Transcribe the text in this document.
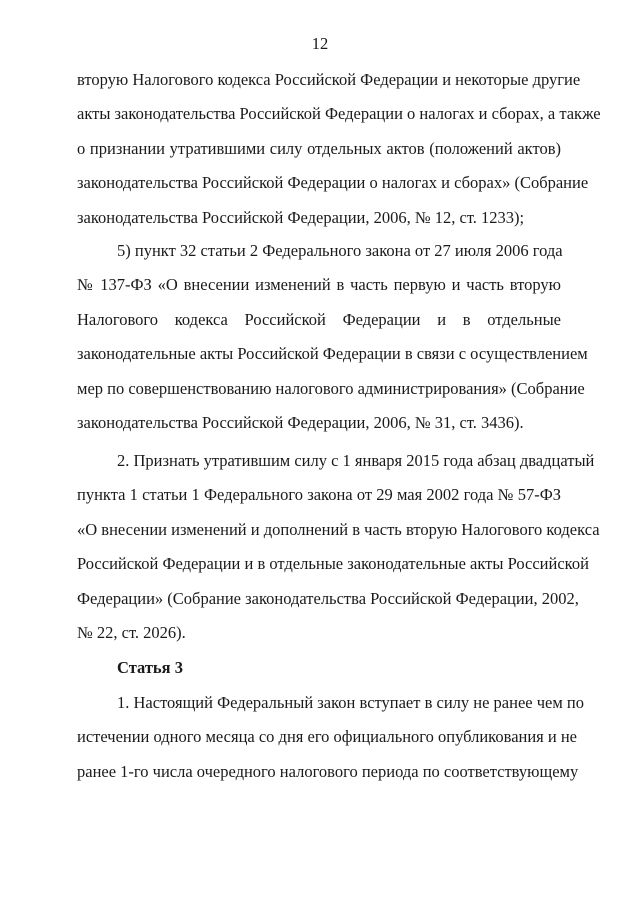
12
вторую Налогового кодекса Российской Федерации и некоторые другие
акты законодательства Российской Федерации о налогах и сборах, а также
о признании утратившими силу отдельных актов (положений актов)
законодательства Российской Федерации о налогах и сборах» (Собрание
законодательства Российской Федерации, 2006, № 12, ст. 1233);
5) пункт 32 статьи 2 Федерального закона от 27 июля 2006 года
№ 137-ФЗ «О внесении изменений в часть первую и часть вторую
Налогового кодекса Российской Федерации и в отдельные
законодательные акты Российской Федерации в связи с осуществлением
мер по совершенствованию налогового администрирования» (Собрание
законодательства Российской Федерации, 2006, № 31, ст. 3436).
2. Признать утратившим силу с 1 января 2015 года абзац двадцатый
пункта 1 статьи 1 Федерального закона от 29 мая 2002 года № 57-ФЗ
«О внесении изменений и дополнений в часть вторую Налогового кодекса
Российской Федерации и в отдельные законодательные акты Российской
Федерации» (Собрание законодательства Российской Федерации, 2002,
№ 22, ст. 2026).
Статья 3
1. Настоящий Федеральный закон вступает в силу не ранее чем по
истечении одного месяца со дня его официального опубликования и не
ранее 1-го числа очередного налогового периода по соответствующему
